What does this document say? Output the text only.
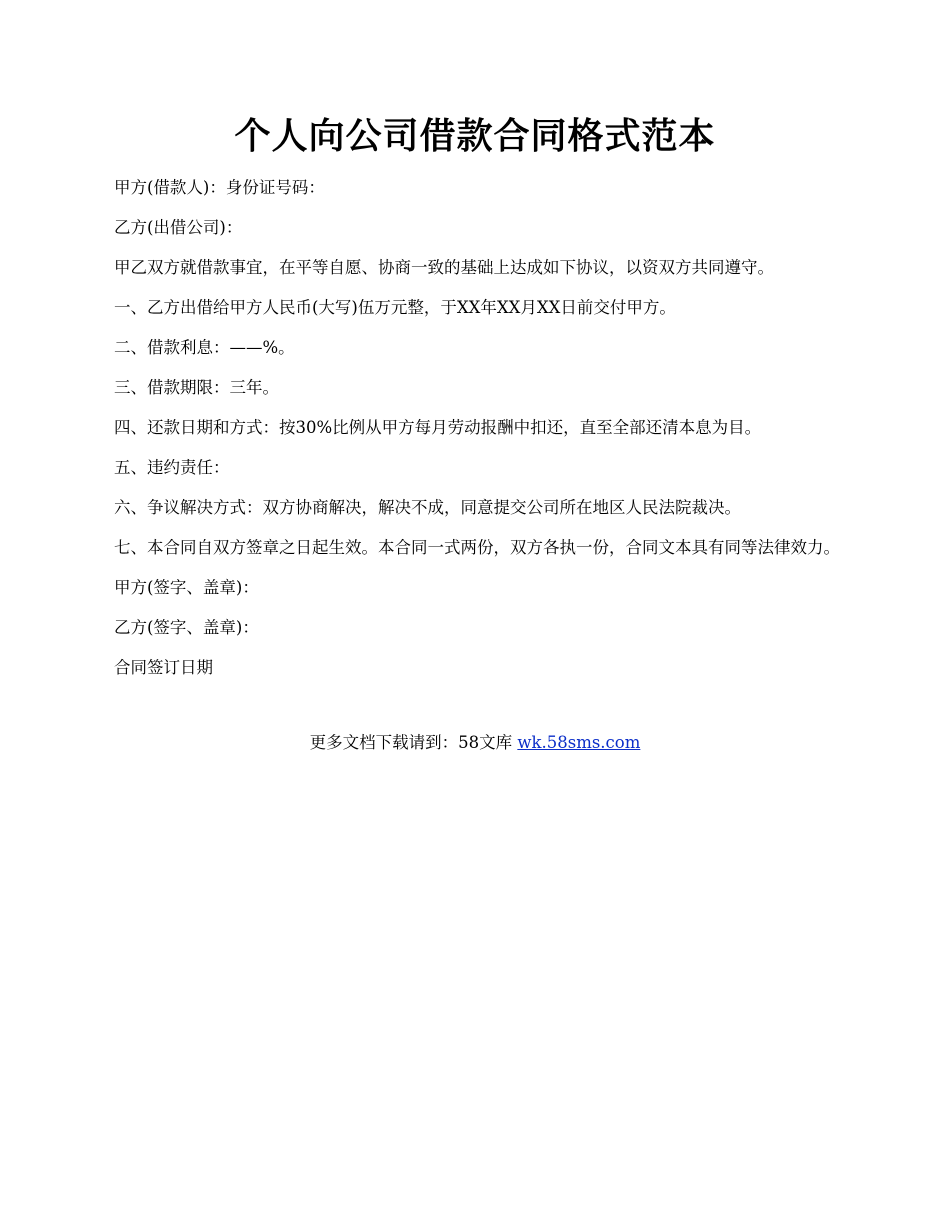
个人向公司借款合同格式范本

甲方(借款人)：身份证号码：

乙方(出借公司)：

甲乙双方就借款事宜，在平等自愿、协商一致的基础上达成如下协议，以资双方共同遵守。

一、乙方出借给甲方人民币(大写)伍万元整，于XX年XX月XX日前交付甲方。

二、借款利息：——%。

三、借款期限：三年。

四、还款日期和方式：按30%比例从甲方每月劳动报酬中扣还，直至全部还清本息为目。

五、违约责任：

六、争议解决方式：双方协商解决，解决不成，同意提交公司所在地区人民法院裁决。

七、本合同自双方签章之日起生效。本合同一式两份，双方各执一份，合同文本具有同等法律效力。

甲方(签字、盖章)：

乙方(签字、盖章)：

合同签订日期

更多文档下载请到：58文库 wk.58sms.com
